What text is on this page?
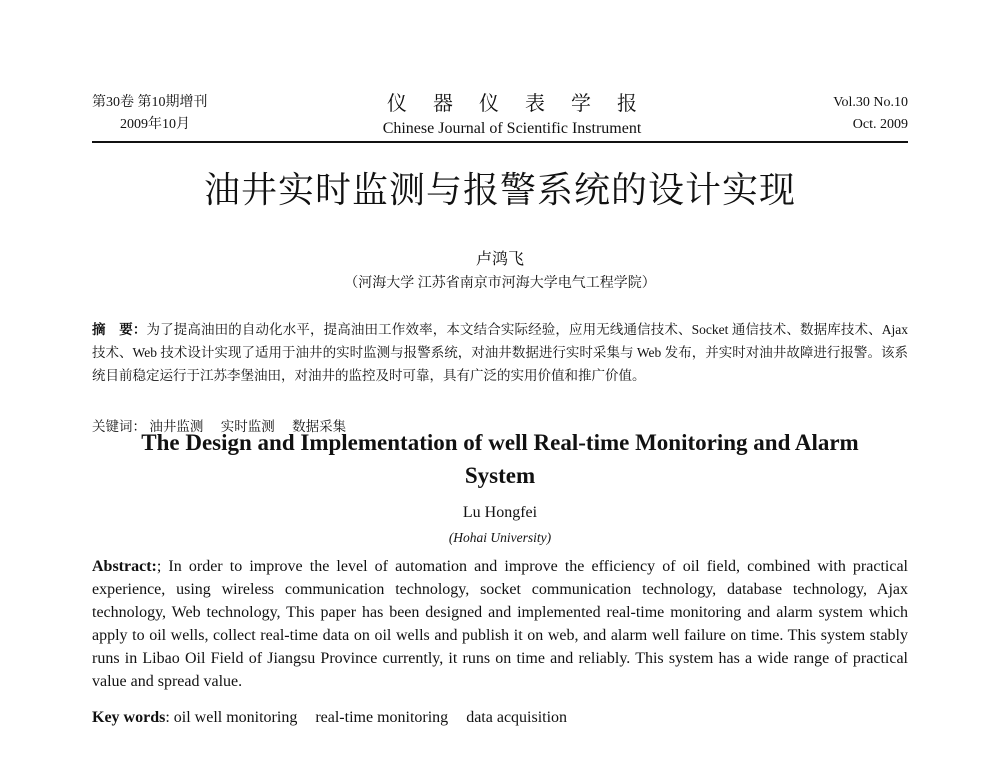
第30卷 第10期增刊
2009年10月
仪器仪表学报
Chinese Journal of Scientific Instrument
Vol.30 No.10
Oct. 2009
油井实时监测与报警系统的设计实现
卢鸿飞
（河海大学 江苏省南京市河海大学电气工程学院）
摘　要：为了提高油田的自动化水平，提高油田工作效率，本文结合实际经验，应用无线通信技术、Socket 通信技术、数据库技术、Ajax 技术、Web 技术设计实现了适用于油井的实时监测与报警系统，对油井数据进行实时采集与 Web 发布，并实时对油井故障进行报警。该系统目前稳定运行于江苏李堡油田，对油井的监控及时可靠，具有广泛的实用价值和推广价值。
关键词： 油井监测 实时监测 数据采集
The Design and Implementation of well Real-time Monitoring and Alarm System
Lu Hongfei
(Hohai University)
Abstract:; In order to improve the level of automation and improve the efficiency of oil field, combined with practical experience, using wireless communication technology, socket communication technology, database technology, Ajax technology, Web technology, This paper has been designed and implemented real-time monitoring and alarm system which apply to oil wells, collect real-time data on oil wells and publish it on web, and alarm well failure on time. This system stably runs in Libao Oil Field of Jiangsu Province currently, it runs on time and reliably. This system has a wide range of practical value and spread value.
Key words: oil well monitoring real-time monitoring data acquisition
